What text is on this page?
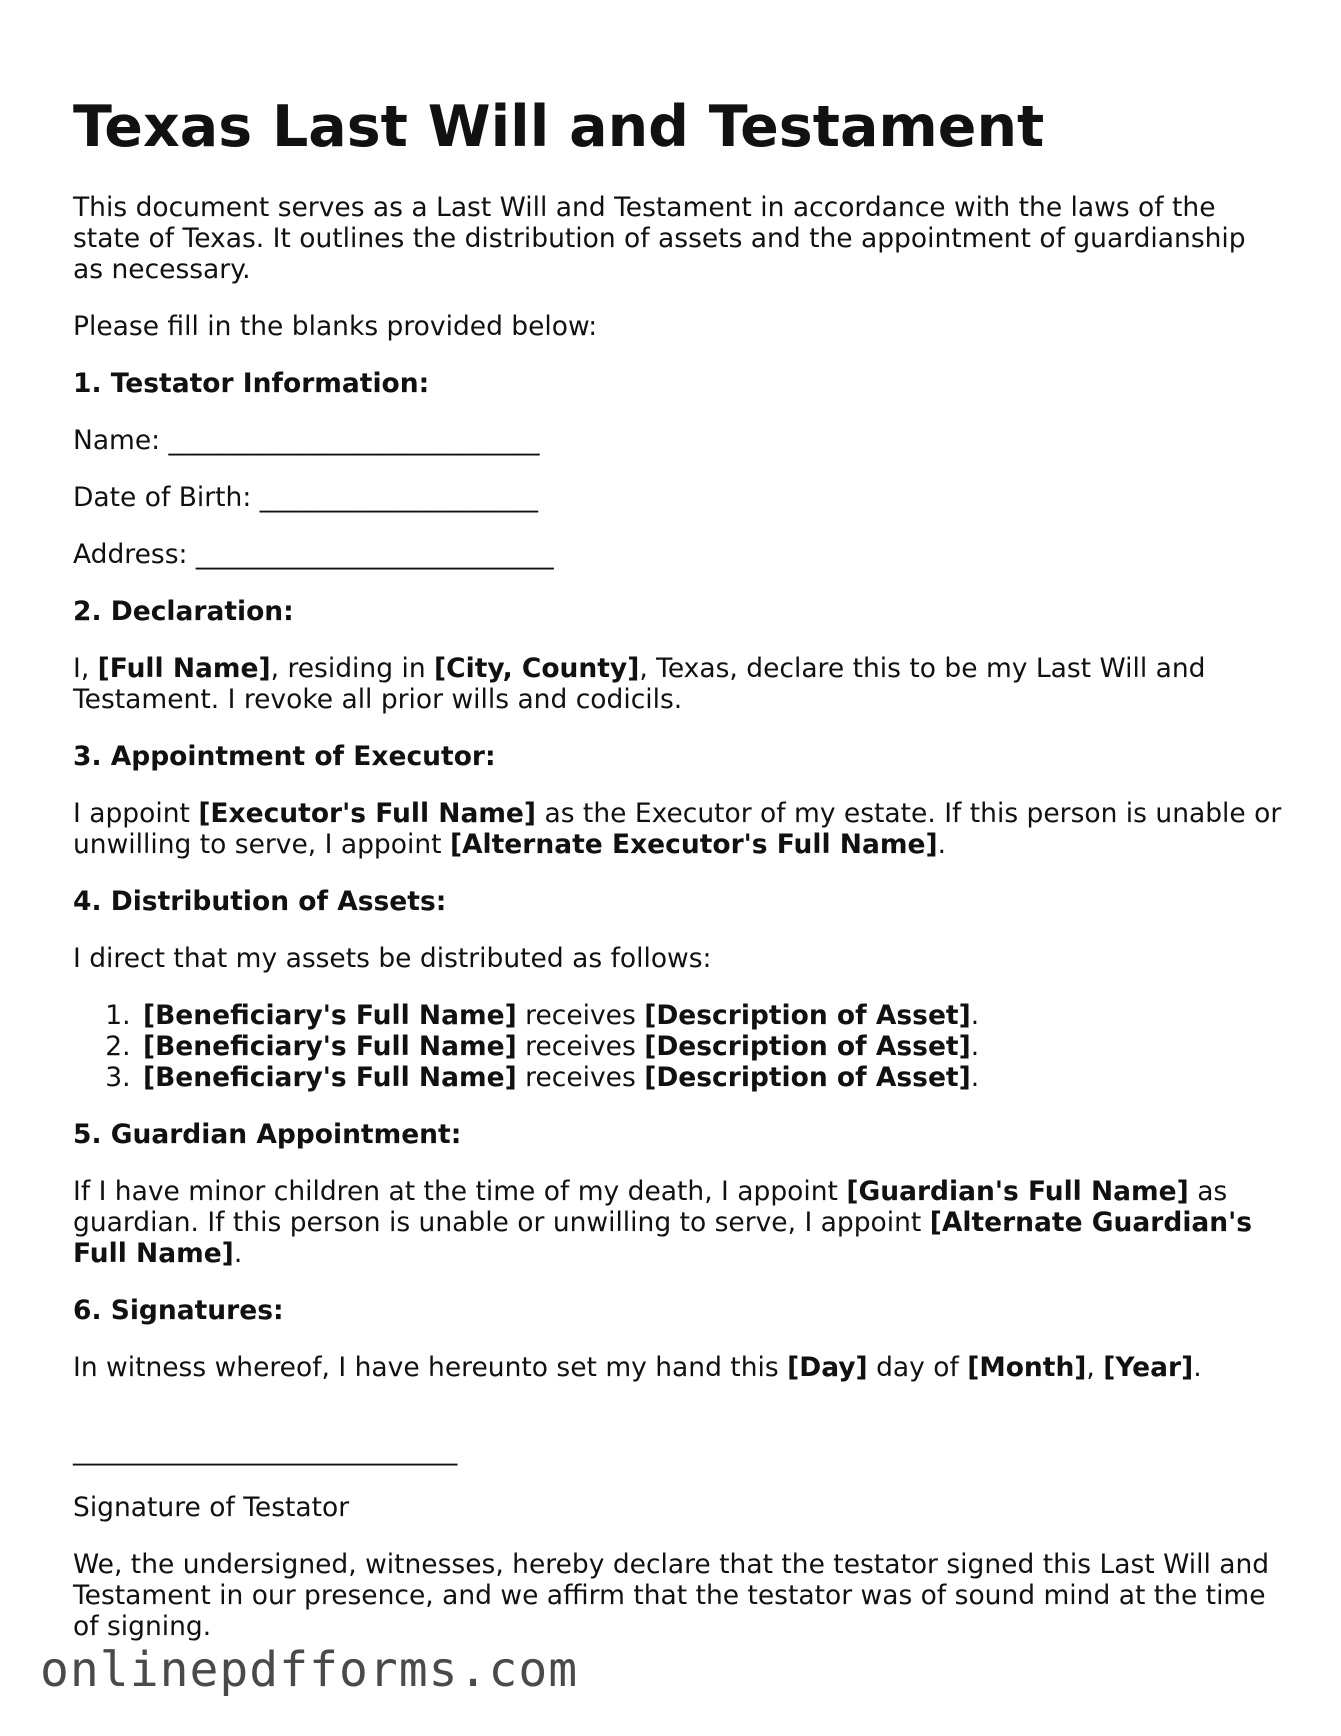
Texas Last Will and Testament

This document serves as a Last Will and Testament in accordance with the laws of the state of Texas. It outlines the distribution of assets and the appointment of guardianship as necessary.

Please fill in the blanks provided below:

1. Testator Information:

Name: ____________________________

Date of Birth: _____________________

Address: ___________________________

2. Declaration:

I, [Full Name], residing in [City, County], Texas, declare this to be my Last Will and Testament. I revoke all prior wills and codicils.

3. Appointment of Executor:

I appoint [Executor's Full Name] as the Executor of my estate. If this person is unable or unwilling to serve, I appoint [Alternate Executor's Full Name].

4. Distribution of Assets:

I direct that my assets be distributed as follows:

1. [Beneficiary's Full Name] receives [Description of Asset].
2. [Beneficiary's Full Name] receives [Description of Asset].
3. [Beneficiary's Full Name] receives [Description of Asset].

5. Guardian Appointment:

If I have minor children at the time of my death, I appoint [Guardian's Full Name] as guardian. If this person is unable or unwilling to serve, I appoint [Alternate Guardian's Full Name].

6. Signatures:

In witness whereof, I have hereunto set my hand this [Day] day of [Month], [Year].

_____________________________

Signature of Testator

We, the undersigned, witnesses, hereby declare that the testator signed this Last Will and Testament in our presence, and we affirm that the testator was of sound mind at the time of signing.

onlinepdfforms.com
